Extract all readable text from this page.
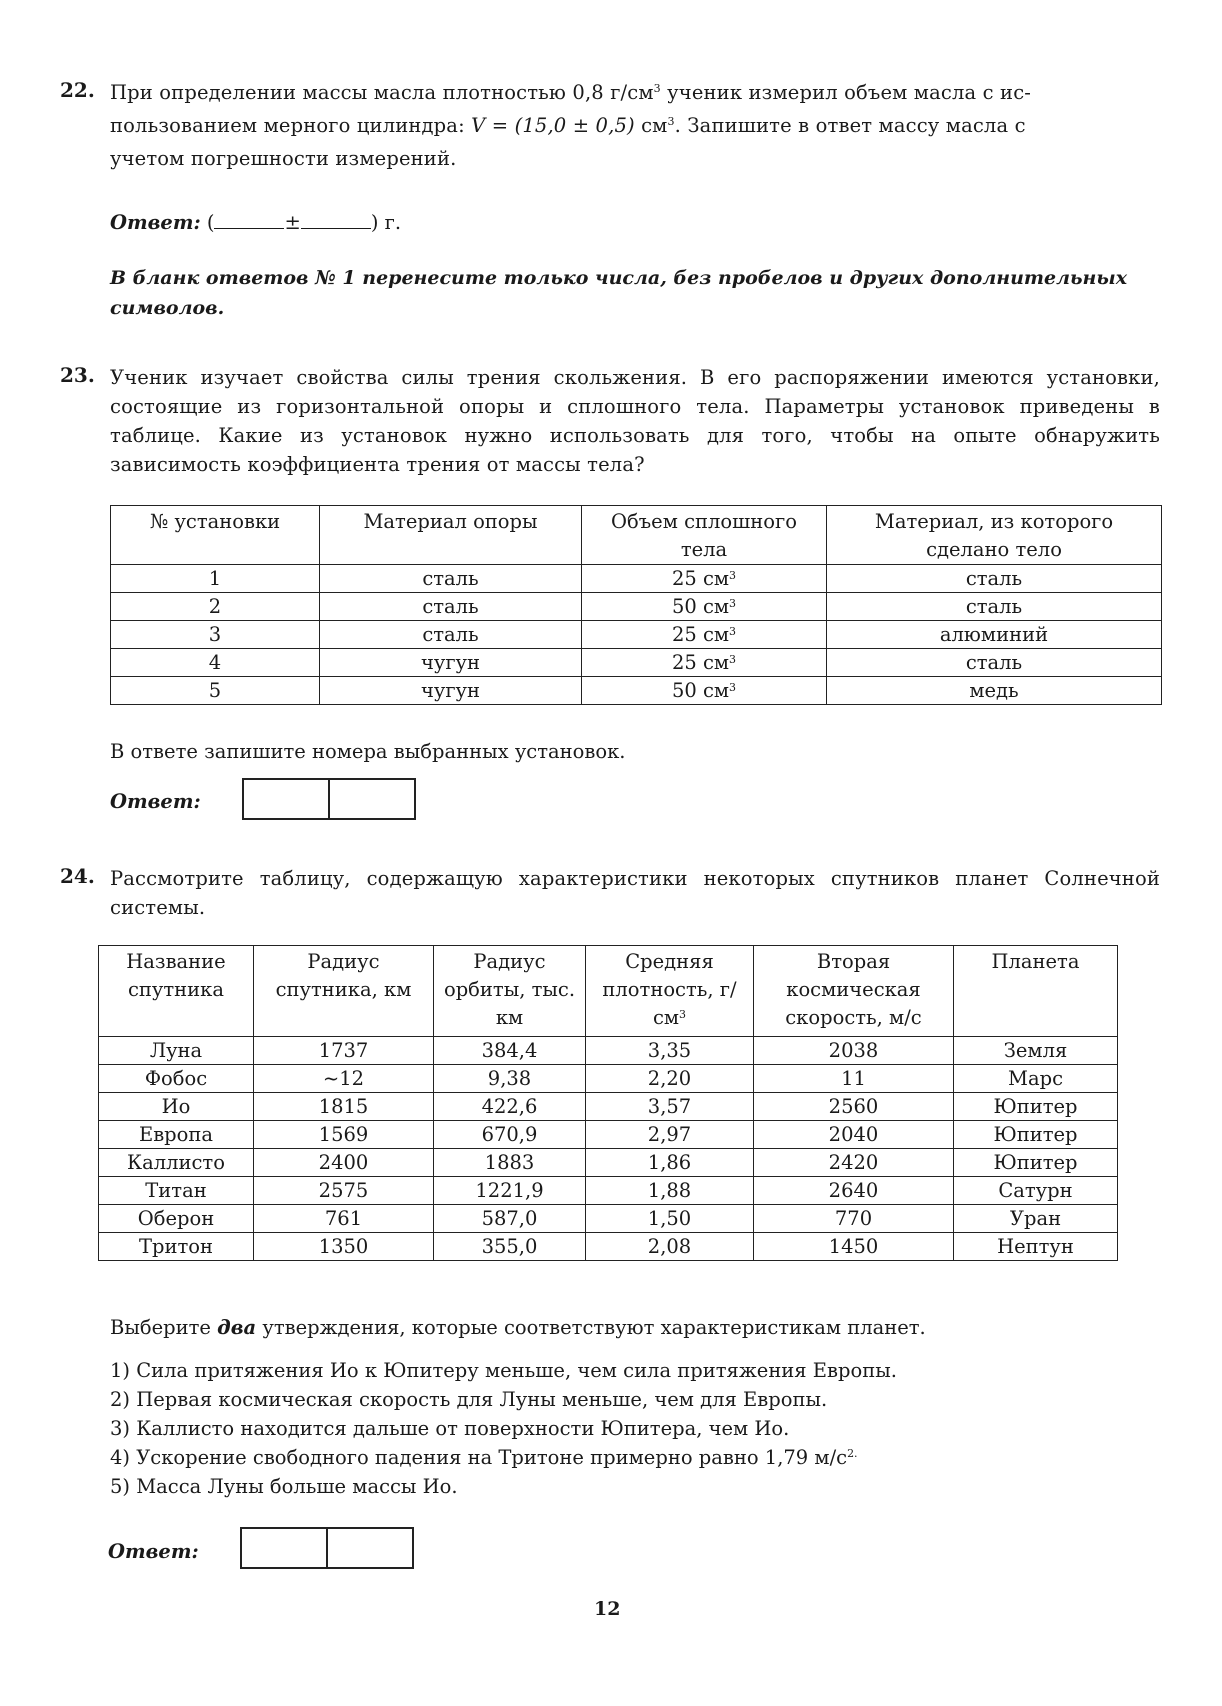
22. При определении массы масла плотностью 0,8 $г/см^3$ ученик измерил объем масла с ис-
пользованием мерного цилиндра: V = (15,0 ± 0,5) $см^3$. Запишите в ответ массу масла с
учетом погрешности измерений.
Ответ: (	±	) г.
В бланк ответов № 1 перенесите только числа, без пробелов и других дополнительных символов.
23. Ученик изучает свойства силы трения скольжения. В его распоряжении имеются установки, состоящие из горизонтальной опоры и сплошного тела. Параметры установок приведены в таблице. Какие из установок нужно использовать для того, чтобы на опыте обнаружить зависимость коэффициента трения от массы тела?
№ установки	Материал опоры	Объем сплошного тела	Материал, из которого сделано тело
1	сталь	25 $см^3$	сталь
2	сталь	50 $см^3$	сталь
3	сталь	25 $см^3$	алюминий
4	чугун	25 $см^3$	сталь
5	чугун	50 $см^3$	медь
В ответе запишите номера выбранных установок.
Ответ:
24. Рассмотрите таблицу, содержащую характеристики некоторых спутников планет Солнечной системы.
Название спутника	Радиус спутника, км	Радиус орбиты, тыс. км	Средняя плотность, $г/см^3$	Вторая космическая скорость, м/с	Планета
Луна	1737	384,4	3,35	2038	Земля
Фобос	~12	9,38	2,20	11	Марс
Ио	1815	422,6	3,57	2560	Юпитер
Европа	1569	670,9	2,97	2040	Юпитер
Каллисто	2400	1883	1,86	2420	Юпитер
Титан	2575	1221,9	1,88	2640	Сатурн
Оберон	761	587,0	1,50	770	Уран
Тритон	1350	355,0	2,08	1450	Нептун
Выберите два утверждения, которые соответствуют характеристикам планет.
1) Сила притяжения Ио к Юпитеру меньше, чем сила притяжения Европы.
2) Первая космическая скорость для Луны меньше, чем для Европы.
3) Каллисто находится дальше от поверхности Юпитера, чем Ио.
4) Ускорение свободного падения на Тритоне примерно равно 1,79 $м/с^{2.}$
5) Масса Луны больше массы Ио.
Ответ:
12
